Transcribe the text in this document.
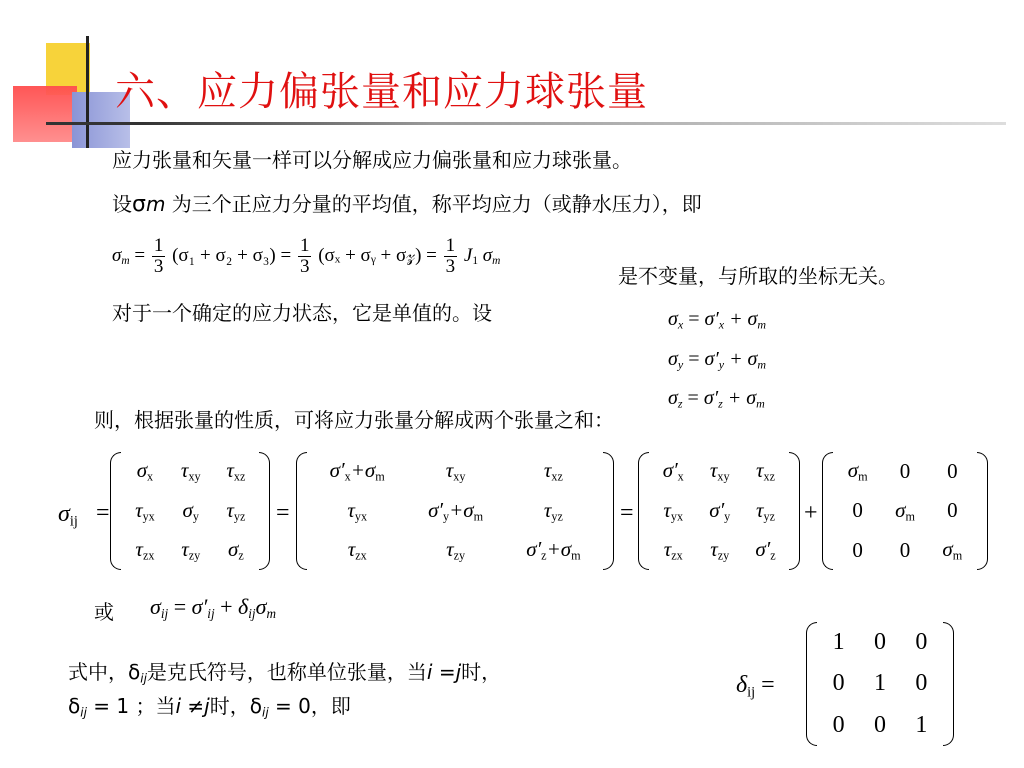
六、应力偏张量和应力球张量
应力张量和矢量一样可以分解成应力偏张量和应力球张量。
设σm 为三个正应力分量的平均值，称平均应力（或静水压力），即
$\sigma_m = \frac{1}{3} (\sigma_1 + \sigma_2 + \sigma_3) = \frac{1}{3} (\sigma_x$ + σᵧ + σ𝓏) = $\frac{1}{3} J_1$ $\sigma_m$
是不变量，与所取的坐标无关。
对于一个确定的应力状态，它是单值的。设	$\sigma_x = \sigma'_x + \sigma_m$
$\sigma_y = \sigma'_y + \sigma_m$
$\sigma_z = \sigma'_z + \sigma_m$
则，根据张量的性质，可将应力张量分解成两个张量之和：
$\sigma_{ij}$ =
$\sigma_x$	$\tau_{xy}$	$\tau_{xz}$
$\tau_{yx}$	$\sigma_y$	$\tau_{yz}$
$\tau_{zx}$	$\tau_{zy}$	$\sigma_z$
=
$\sigma'_x+\sigma_m$	$\tau_{xy}$	$\tau_{xz}$
$\tau_{yx}$	$\sigma'_y+\sigma_m$	$\tau_{yz}$
$\tau_{zx}$	$\tau_{zy}$	$\sigma'_z+\sigma_m$
=
$\sigma'_x$	$\tau_{xy}$	$\tau_{xz}$
$\tau_{yx}$	$\sigma'_y$	$\tau_{yz}$
$\tau_{zx}$	$\tau_{zy}$	$\sigma'_z$
+
$\sigma_m$	0	0
0	$\sigma_m$	0
0	0	$\sigma_m$
或 $\sigma_{ij} = \sigma'_{ij} + \delta_{ij}\sigma_m$
式中，$\delta_{ij}$是克氏符号，也称单位张量，当i =j时，
$\delta_{ij} = 1$ ；当i ≠j时，$\delta_{ij} = 0$，即
$\delta_{ij}$ =
1	0	0
0	1	0
0	0	1
